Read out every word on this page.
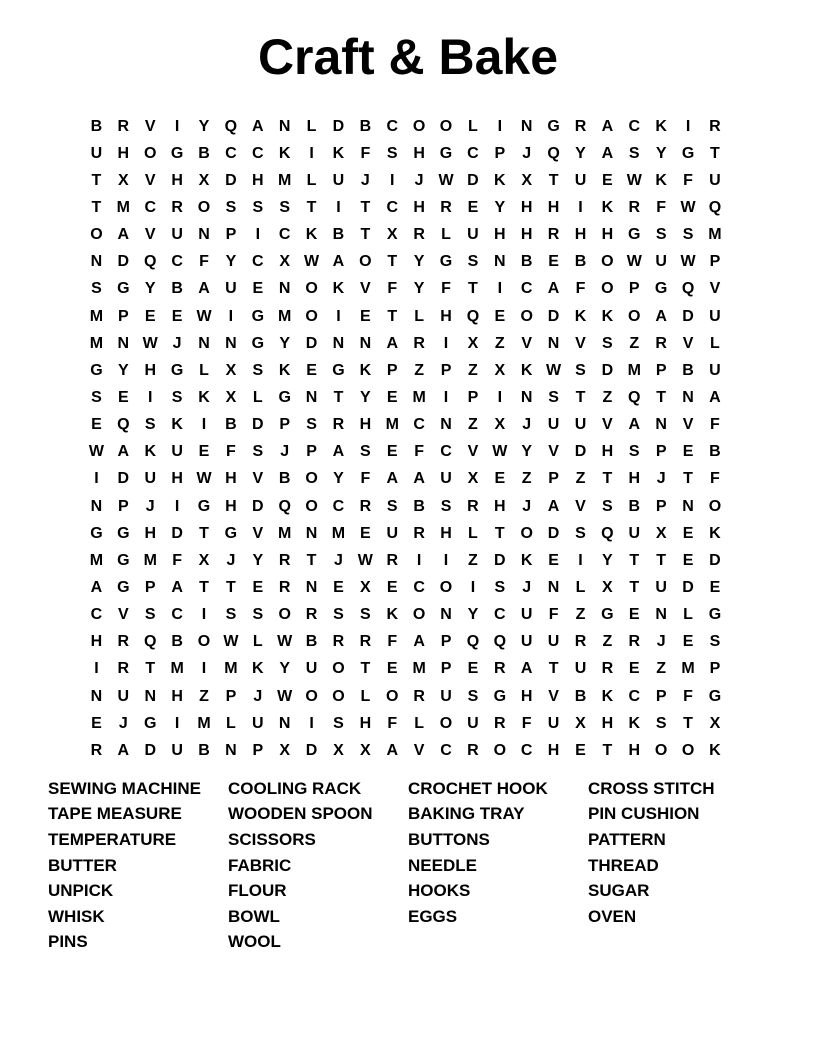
Craft & Bake
B R V	I	Y Q A N	L	D B C O O L	I	N G R A C K	I	R
U H O G B C C K	I	K	F	S H G C P	J	Q Y A S	Y G T
T	X	V H X D H M L	U	J	I	J W D K X	T	U E W K	F	U
T M C R O S	S	S	T	I	T	C H R E	Y H H	I	K R	F W Q
O A V U N P	I	C K B	T	X R	L	U H H R H H G S	S M
N D Q C	F	Y C X W A O T	Y G S N B E B O W U W P
S G Y B A U E N O K V	F	Y	F	T	I	C A	F O P G Q V
M P	E	E W	I	G M O	I	E	T	L	H Q E O D K K O A D U
M N W J	N N G Y D N N A R	I	X	Z	V N V	S	Z	R V	L
G Y H G L	X	S K E G K P	Z	P	Z	X K W S D M P B U
S	E	I	S K X	L G N	T	Y	E M	I	P	I	N S	T	Z Q T	N A
E Q S K	I	B D P	S R H M C N	Z	X	J	U U V A N V	F
W A K U E	F	S	J	P A S	E	F	C V W Y	V D H S	P	E B
I	D U H W H V B O Y	F	A A U X	E	Z	P	Z	T	H	J	T	F
N P	J	I	G H D Q O C R S B S R H	J	A V	S B P N O
G G H D	T G V M N M E U R H	L	T O D S Q U X	E K
M G M F	X	J	Y R	T	J W R	I	I	Z	D K E	I	Y	T	T	E D
A G P A	T	T	E R N E	X	E C O	I	S	J	N	L	X	T	U D E
C V	S C	I	S	S O R S	S K O N Y C U	F	Z G E N	L G
H R Q B O W L W B R R	F	A P Q Q U U R	Z	R	J	E	S
I	R	T M	I	M K Y U O T	E M P	E R A	T	U R E	Z M P
N U N H	Z	P	J W O O L O R U S G H V B K C P	F G
E	J	G	I	M L	U N	I	S H	F	L O U R	F	U X H K S	T	X
R A D U B N P	X D X	X A V C R O C H E	T	H O O K
SEWING MACHINE	COOLING RACK	CROCHET HOOK	CROSS STITCH
TAPE MEASURE	WOODEN SPOON	BAKING TRAY	PIN CUSHION
TEMPERATURE	SCISSORS	BUTTONS	PATTERN
BUTTER	FABRIC	NEEDLE	THREAD
UNPICK	FLOUR	HOOKS	SUGAR
WHISK	BOWL	EGGS	OVEN
PINS	WOOL
